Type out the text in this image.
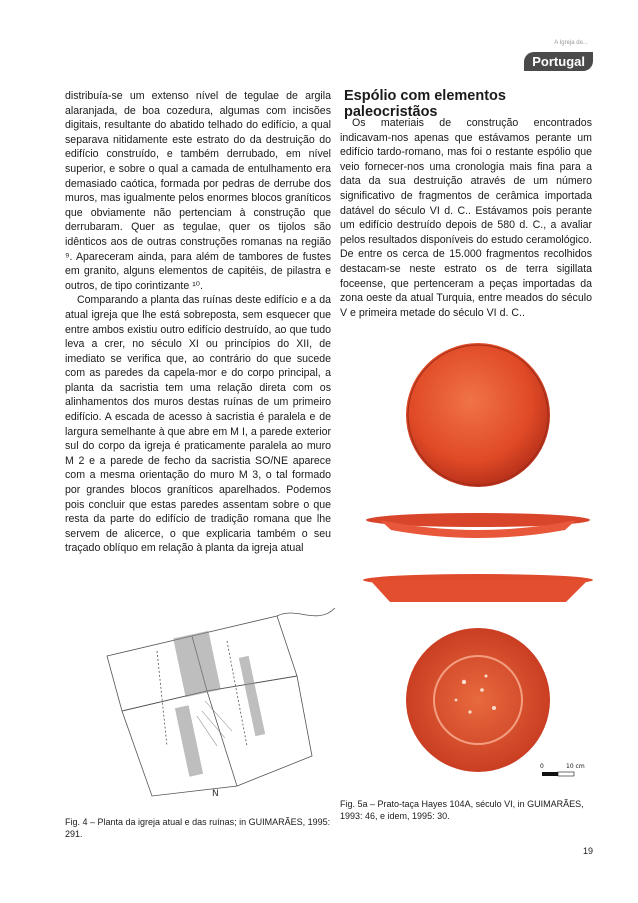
A Igreja de...
Portugal

distribuía-se um extenso nível de tegulae de argila alaranjada, de boa cozedura, algumas com incisões digitais, resultante do abatido telhado do edifício, a qual separava nitidamente este estrato do da destruição do edifício construído, e também derrubado, em nível superior, e sobre o qual a camada de entulhamento era demasiado caótica, formada por pedras de derrube dos muros, mas igualmente pelos enormes blocos graníticos que obviamente não pertenciam à construção que derrubaram. Quer as tegulae, quer os tijolos são idênticos aos de outras construções romanas na região ⁹. Apareceram ainda, para além de tambores de fustes em granito, alguns elementos de capitéis, de pilastra e outros, de tipo corintizante ¹⁰.

Comparando a planta das ruínas deste edifício e a da atual igreja que lhe está sobreposta, sem esquecer que entre ambos existiu outro edifício destruído, ao que tudo leva a crer, no século XI ou princípios do XII, de imediato se verifica que, ao contrário do que sucede com as paredes da capela-mor e do corpo principal, a planta da sacristia tem uma relação direta com os alinhamentos dos muros destas ruínas de um primeiro edifício. A escada de acesso à sacristia é paralela e de largura semelhante à que abre em M I, a parede exterior sul do corpo da igreja é praticamente paralela ao muro M 2 e a parede de fecho da sacristia SO/NE aparece com a mesma orientação do muro M 3, o tal formado por grandes blocos graníticos aparelhados. Podemos pois concluir que estas paredes assentam sobre o que resta da parte do edifício de tradição romana que lhe servem de alicerce, o que explicaria também o seu traçado oblíquo em relação à planta da igreja atual

Espólio com elementos paleocristãos

Os materiais de construção encontrados indicavam-nos apenas que estávamos perante um edifício tardo-romano, mas foi o restante espólio que veio fornecer-nos uma cronologia mais fina para a data da sua destruição através de um número significativo de fragmentos de cerâmica importada datável do século VI d. C.. Estávamos pois perante um edifício destruído depois de 580 d. C., a avaliar pelos resultados disponíveis do estudo ceramológico. De entre os cerca de 15.000 fragmentos recolhidos destacam-se neste estrato os de terra sigillata foceense, que pertenceram a peças importadas da zona oeste da atual Turquia, entre meados do século V e primeira metade do século VI d. C..

N
Fig. 4 – Planta da igreja atual e das ruínas; in GUIMARÃES, 1995: 291.
0	10 cm
Fig. 5a – Prato-taça Hayes 104A, século VI, in GUIMARÃES, 1993: 46, e idem, 1995: 30.
19
